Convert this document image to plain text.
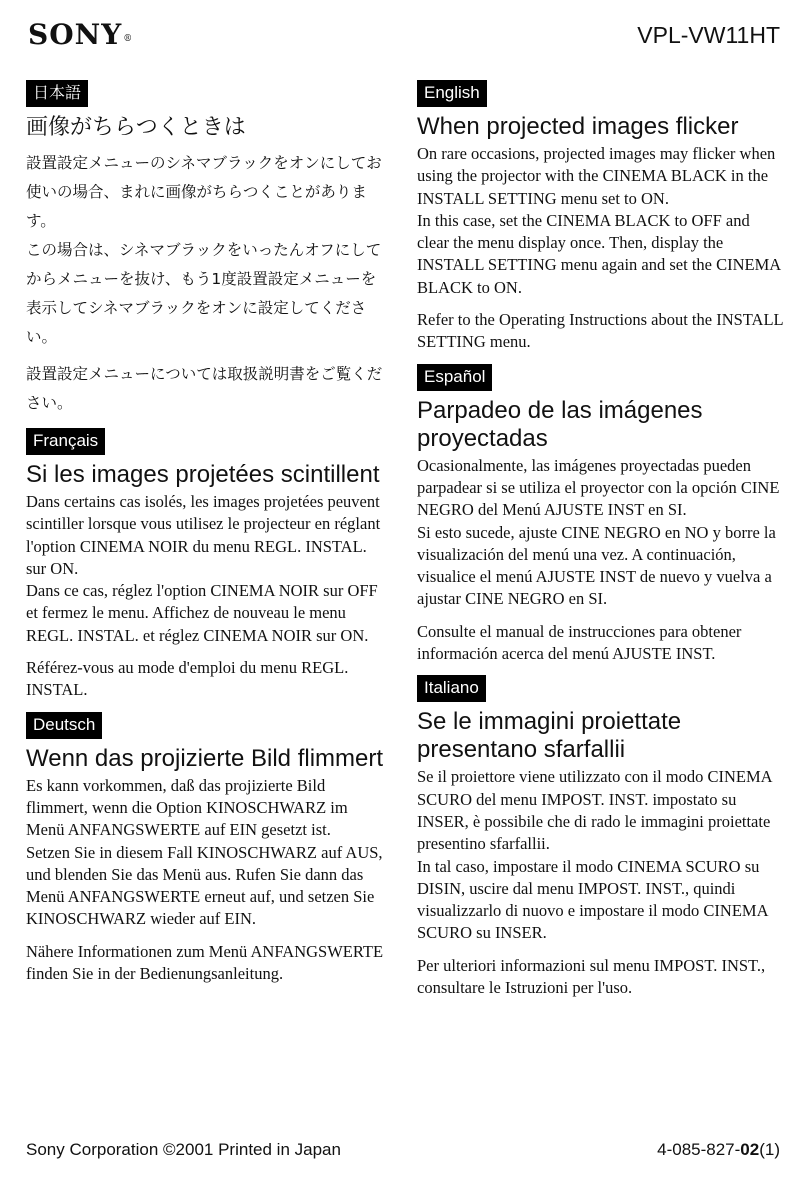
SONY®	VPL-VW11HT
日本語
画像がちらつくときは

設置設定メニューのシネマブラックをオンにしてお使いの場合、まれに画像がちらつくことがあります。

この場合は、シネマブラックをいったんオフにしてからメニューを抜け、もう1度設置設定メニューを表示してシネマブラックをオンに設定してください。

設置設定メニューについては取扱説明書をご覧ください。

Français
Si les images projetées scintillent

Dans certains cas isolés, les images projetées peuvent scintiller lorsque vous utilisez le projecteur en réglant l'option CINEMA NOIR du menu REGL. INSTAL. sur ON.

Dans ce cas, réglez l'option CINEMA NOIR sur OFF et fermez le menu. Affichez de nouveau le menu REGL. INSTAL. et réglez CINEMA NOIR sur ON.

Référez-vous au mode d'emploi du menu REGL. INSTAL.

Deutsch
Wenn das projizierte Bild flimmert

Es kann vorkommen, daß das projizierte Bild flimmert, wenn die Option KINOSCHWARZ im Menü ANFANGSWERTE auf EIN gesetzt ist.

Setzen Sie in diesem Fall KINOSCHWARZ auf AUS, und blenden Sie das Menü aus. Rufen Sie dann das Menü ANFANGSWERTE erneut auf, und setzen Sie KINOSCHWARZ wieder auf EIN.

Nähere Informationen zum Menü ANFANGSWERTE finden Sie in der Bedienungsanleitung.

English
When projected images flicker

On rare occasions, projected images may flicker when using the projector with the CINEMA BLACK in the INSTALL SETTING menu set to ON.

In this case, set the CINEMA BLACK to OFF and clear the menu display once. Then, display the INSTALL SETTING menu again and set the CINEMA BLACK to ON.

Refer to the Operating Instructions about the INSTALL SETTING menu.

Español
Parpadeo de las imágenes proyectadas

Ocasionalmente, las imágenes proyectadas pueden parpadear si se utiliza el proyector con la opción CINE NEGRO del Menú AJUSTE INST en SI.

Si esto sucede, ajuste CINE NEGRO en NO y borre la visualización del menú una vez. A continuación, visualice el menú AJUSTE INST de nuevo y vuelva a ajustar CINE NEGRO en SI.

Consulte el manual de instrucciones para obtener información acerca del menú AJUSTE INST.

Italiano
Se le immagini proiettate presentano sfarfallii

Se il proiettore viene utilizzato con il modo CINEMA SCURO del menu IMPOST. INST. impostato su INSER, è possibile che di rado le immagini proiettate presentino sfarfallii.

In tal caso, impostare il modo CINEMA SCURO su DISIN, uscire dal menu IMPOST. INST., quindi visualizzarlo di nuovo e impostare il modo CINEMA SCURO su INSER.

Per ulteriori informazioni sul menu IMPOST. INST., consultare le Istruzioni per l'uso.

Sony Corporation ©2001 Printed in Japan	4-085-827-02(1)
